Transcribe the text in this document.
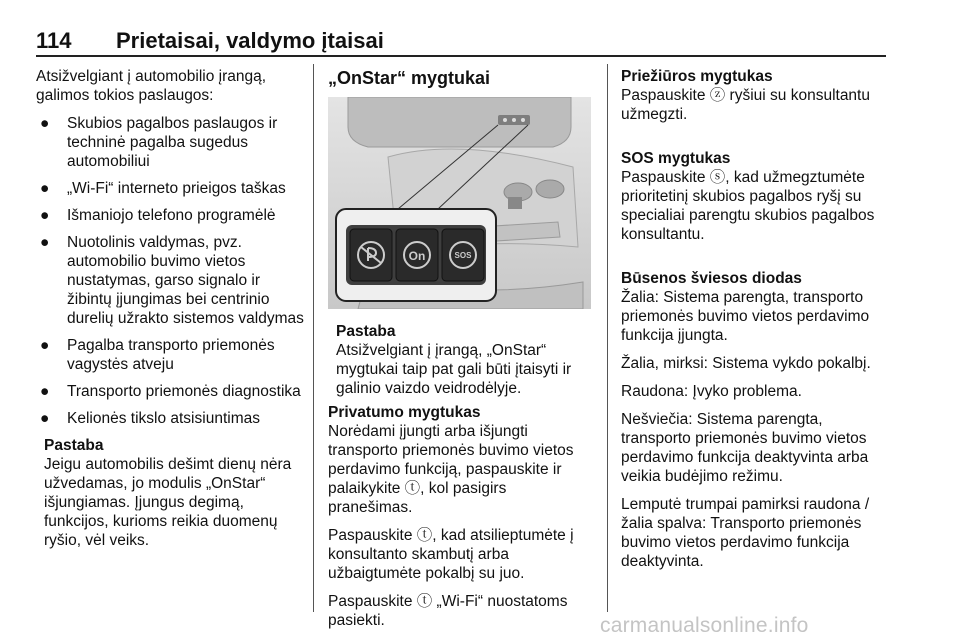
114 Prietaisai, valdymo įtaisai

Atsižvelgiant į automobilio įrangą, galimos tokios paslaugos:

● Skubios pagalbos paslaugos ir techninė pagalba sugedus automobiliui
● „Wi-Fi“ interneto prieigos taškas
● Išmaniojo telefono programėlė
● Nuotolinis valdymas, pvz. automobilio buvimo vietos nustatymas, garso signalo ir žibintų įjungimas bei centrinio durelių užrakto sistemos valdymas
● Pagalba transporto priemonės vagystės atveju
● Transporto priemonės diagnostika
● Kelionės tikslo atsisiuntimas
Pastaba

Jeigu automobilis dešimt dienų nėra užvedamas, jo modulis „OnStar“ išjungiamas. Įjungus degimą, funkcijos, kurioms reikia duomenų ryšio, vėl veiks.

„OnStar“ mygtukai
On	SOS
Pastaba

Atsižvelgiant į įrangą, „OnStar“ mygtukai taip pat gali būti įtaisyti ir galinio vaizdo veidrodėlyje.

Privatumo mygtukas

Norėdami įjungti arba išjungti transporto priemonės buvimo vietos perdavimo funkciją, paspauskite ir palaikykite ⓣ, kol pasigirs pranešimas.

Paspauskite ⓣ, kad atsilieptumėte į konsultanto skambutį arba užbaigtumėte pokalbį su juo.

Paspauskite ⓣ „Wi-Fi“ nuostatoms pasiekti.

Priežiūros mygtukas

Paspauskite ⓩ ryšiui su konsultantu užmegzti.

SOS mygtukas

Paspauskite ⓢ, kad užmegztumėte prioritetinį skubios pagalbos ryšį su specialiai parengtu skubios pagalbos konsultantu.

Būsenos šviesos diodas

Žalia: Sistema parengta, transporto priemonės buvimo vietos perdavimo funkcija įjungta.

Žalia, mirksi: Sistema vykdo pokalbį.

Raudona: Įvyko problema.

Nešviečia: Sistema parengta, transporto priemonės buvimo vietos perdavimo funkcija deaktyvinta arba veikia budėjimo režimu.

Lemputė trumpai pamirksi raudona / žalia spalva: Transporto priemonės buvimo vietos perdavimo funkcija deaktyvinta.

carmanualsonline.info
